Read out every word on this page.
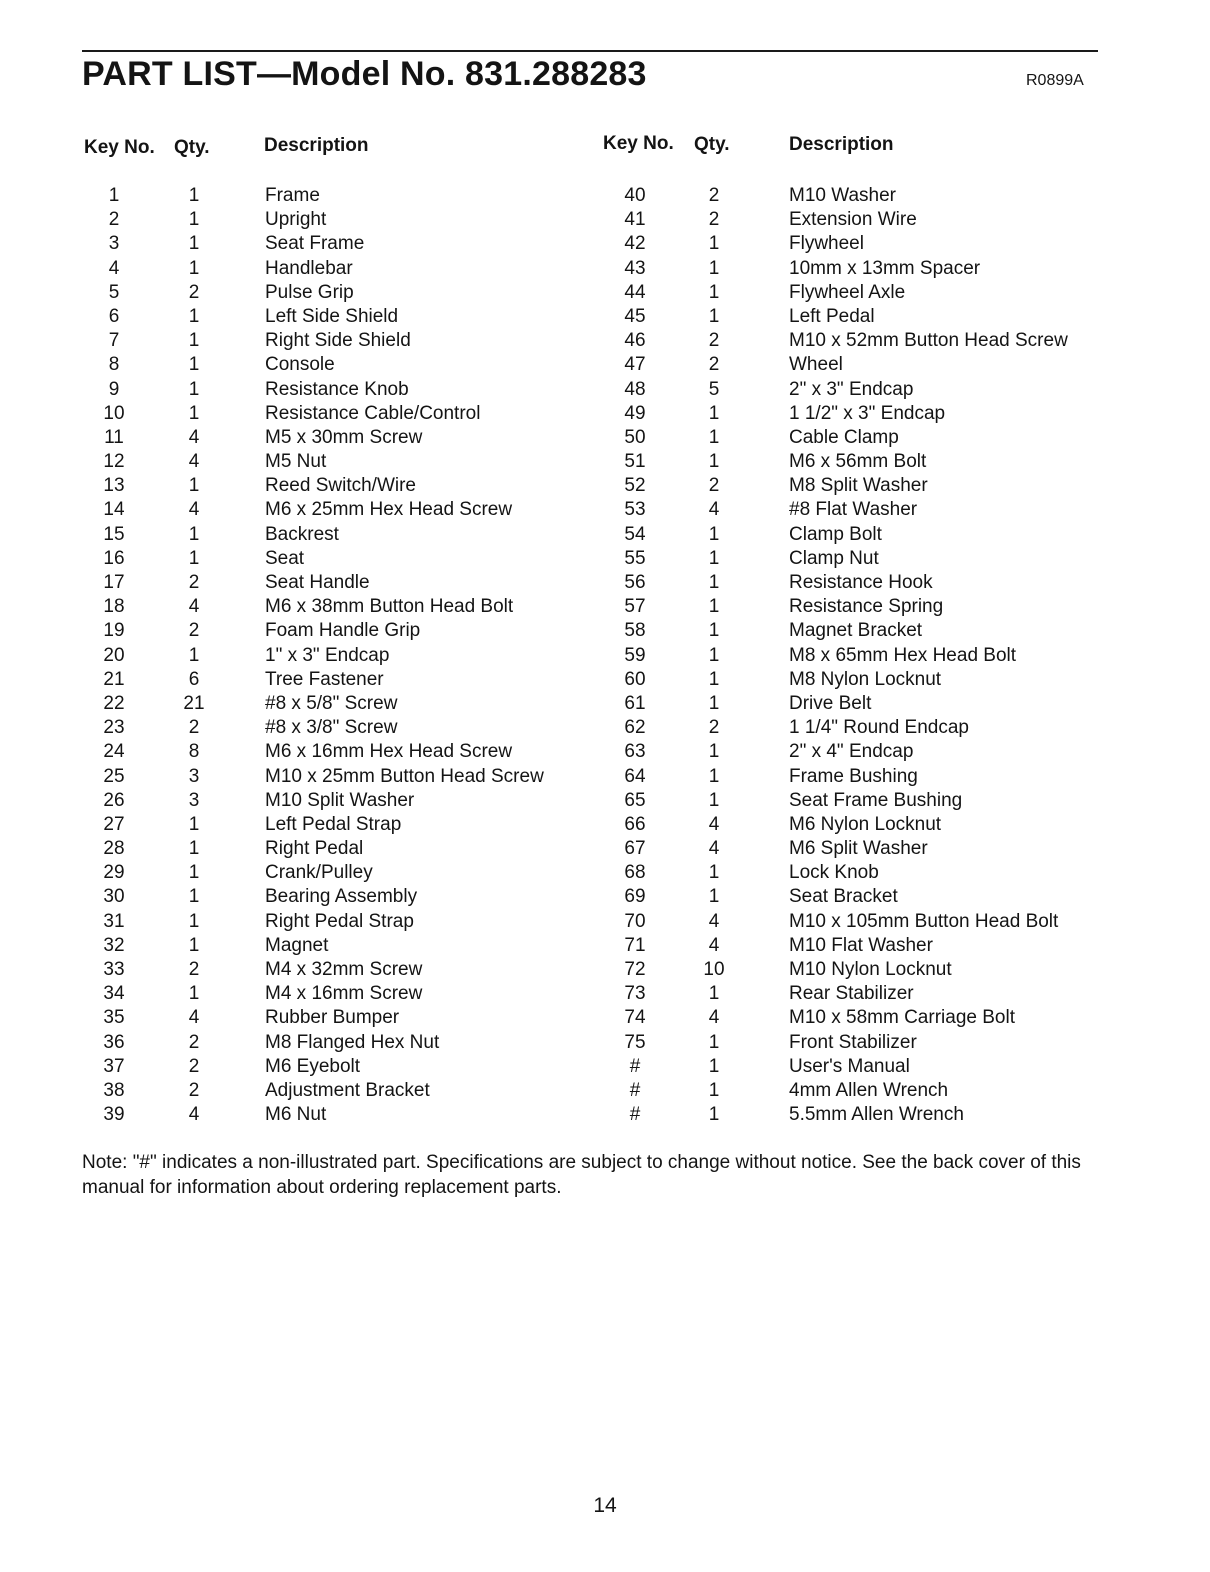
PART LIST—Model No. 831.288283	R0899A
Key No. Qty.	Description	Key No. Qty.	Description
1	1	Frame
2	1	Upright
3	1	Seat Frame
4	1	Handlebar
5	2	Pulse Grip
6	1	Left Side Shield
7	1	Right Side Shield
8	1	Console
9	1	Resistance Knob
10	1	Resistance Cable/Control
11	4	M5 x 30mm Screw
12	4	M5 Nut
13	1	Reed Switch/Wire
14	4	M6 x 25mm Hex Head Screw
15	1	Backrest
16	1	Seat
17	2	Seat Handle
18	4	M6 x 38mm Button Head Bolt
19	2	Foam Handle Grip
20	1	1" x 3" Endcap
21	6	Tree Fastener
22	21	#8 x 5/8" Screw
23	2	#8 x 3/8" Screw
24	8	M6 x 16mm Hex Head Screw
25	3	M10 x 25mm Button Head Screw
26	3	M10 Split Washer
27	1	Left Pedal Strap
28	1	Right Pedal
29	1	Crank/Pulley
30	1	Bearing Assembly
31	1	Right Pedal Strap
32	1	Magnet
33	2	M4 x 32mm Screw
34	1	M4 x 16mm Screw
35	4	Rubber Bumper
36	2	M8 Flanged Hex Nut
37	2	M6 Eyebolt
38	2	Adjustment Bracket
39	4	M6 Nut
40	2	M10 Washer
41	2	Extension Wire
42	1	Flywheel
43	1	10mm x 13mm Spacer
44	1	Flywheel Axle
45	1	Left Pedal
46	2	M10 x 52mm Button Head Screw
47	2	Wheel
48	5	2" x 3" Endcap
49	1	1 1/2" x 3" Endcap
50	1	Cable Clamp
51	1	M6 x 56mm Bolt
52	2	M8 Split Washer
53	4	#8 Flat Washer
54	1	Clamp Bolt
55	1	Clamp Nut
56	1	Resistance Hook
57	1	Resistance Spring
58	1	Magnet Bracket
59	1	M8 x 65mm Hex Head Bolt
60	1	M8 Nylon Locknut
61	1	Drive Belt
62	2	1 1/4" Round Endcap
63	1	2" x 4" Endcap
64	1	Frame Bushing
65	1	Seat Frame Bushing
66	4	M6 Nylon Locknut
67	4	M6 Split Washer
68	1	Lock Knob
69	1	Seat Bracket
70	4	M10 x 105mm Button Head Bolt
71	4	M10 Flat Washer
72	10	M10 Nylon Locknut
73	1	Rear Stabilizer
74	4	M10 x 58mm Carriage Bolt
75	1	Front Stabilizer
#	1	User's Manual
#	1	4mm Allen Wrench
#	1	5.5mm Allen Wrench
Note: "#" indicates a non-illustrated part. Specifications are subject to change without notice. See the back cover of this manual for information about ordering replacement parts.
14
